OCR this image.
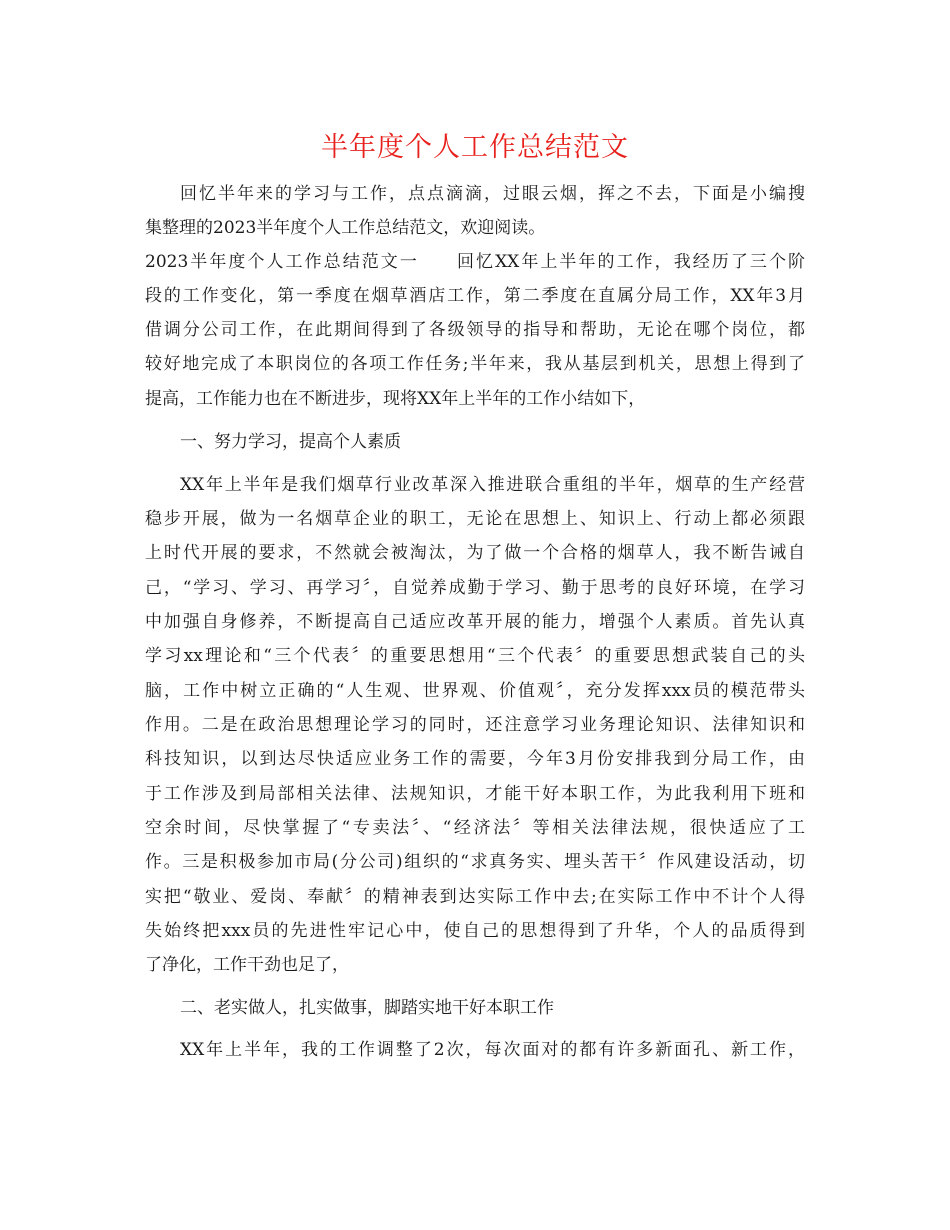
半年度个人工作总结范文

回忆半年来的学习与工作，点点滴滴，过眼云烟，挥之不去，下面是小编搜

集整理的2023半年度个人工作总结范文，欢迎阅读。

2023半年度个人工作总结范文一　　回忆XX年上半年的工作，我经历了三个阶

段的工作变化，第一季度在烟草酒店工作，第二季度在直属分局工作，XX年3月

借调分公司工作，在此期间得到了各级领导的指导和帮助，无论在哪个岗位，都

较好地完成了本职岗位的各项工作任务;半年来，我从基层到机关，思想上得到了

提高，工作能力也在不断进步，现将XX年上半年的工作小结如下，

一、努力学习，提高个人素质

XX年上半年是我们烟草行业改革深入推进联合重组的半年，烟草的生产经营

稳步开展，做为一名烟草企业的职工，无论在思想上、知识上、行动上都必须跟

上时代开展的要求，不然就会被淘汰，为了做一个合格的烟草人，我不断告诫自

己，“学习、学习、再学习〞，自觉养成勤于学习、勤于思考的良好环境，在学习

中加强自身修养，不断提高自己适应改革开展的能力，增强个人素质。首先认真

学习xx理论和“三个代表〞的重要思想用“三个代表〞的重要思想武装自己的头

脑，工作中树立正确的“人生观、世界观、价值观〞，充分发挥xxx员的模范带头

作用。二是在政治思想理论学习的同时，还注意学习业务理论知识、法律知识和

科技知识，以到达尽快适应业务工作的需要，今年3月份安排我到分局工作，由

于工作涉及到局部相关法律、法规知识，才能干好本职工作，为此我利用下班和

空余时间，尽快掌握了“专卖法〞、“经济法〞等相关法律法规，很快适应了工

作。三是积极参加市局(分公司)组织的“求真务实、埋头苦干〞作风建设活动，切

实把“敬业、爱岗、奉献〞的精神表到达实际工作中去;在实际工作中不计个人得

失始终把xxx员的先进性牢记心中，使自己的思想得到了升华，个人的品质得到

了净化，工作干劲也足了，

二、老实做人，扎实做事，脚踏实地干好本职工作

XX年上半年，我的工作调整了2次，每次面对的都有许多新面孔、新工作，
